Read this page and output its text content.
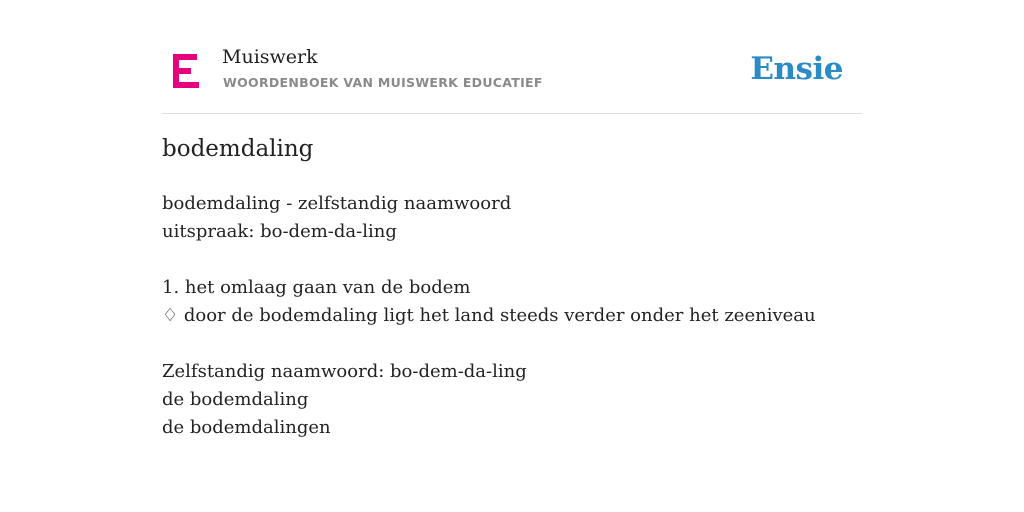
Muiswerk
WOORDENBOEK VAN MUISWERK EDUCATIEF	Ensie
bodemdaling
bodemdaling - zelfstandig naamwoord
uitspraak: bo-dem-da-ling
1. het omlaag gaan van de bodem
♢ door de bodemdaling ligt het land steeds verder onder het zeeniveau
Zelfstandig naamwoord: bo-dem-da-ling
de bodemdaling
de bodemdalingen
